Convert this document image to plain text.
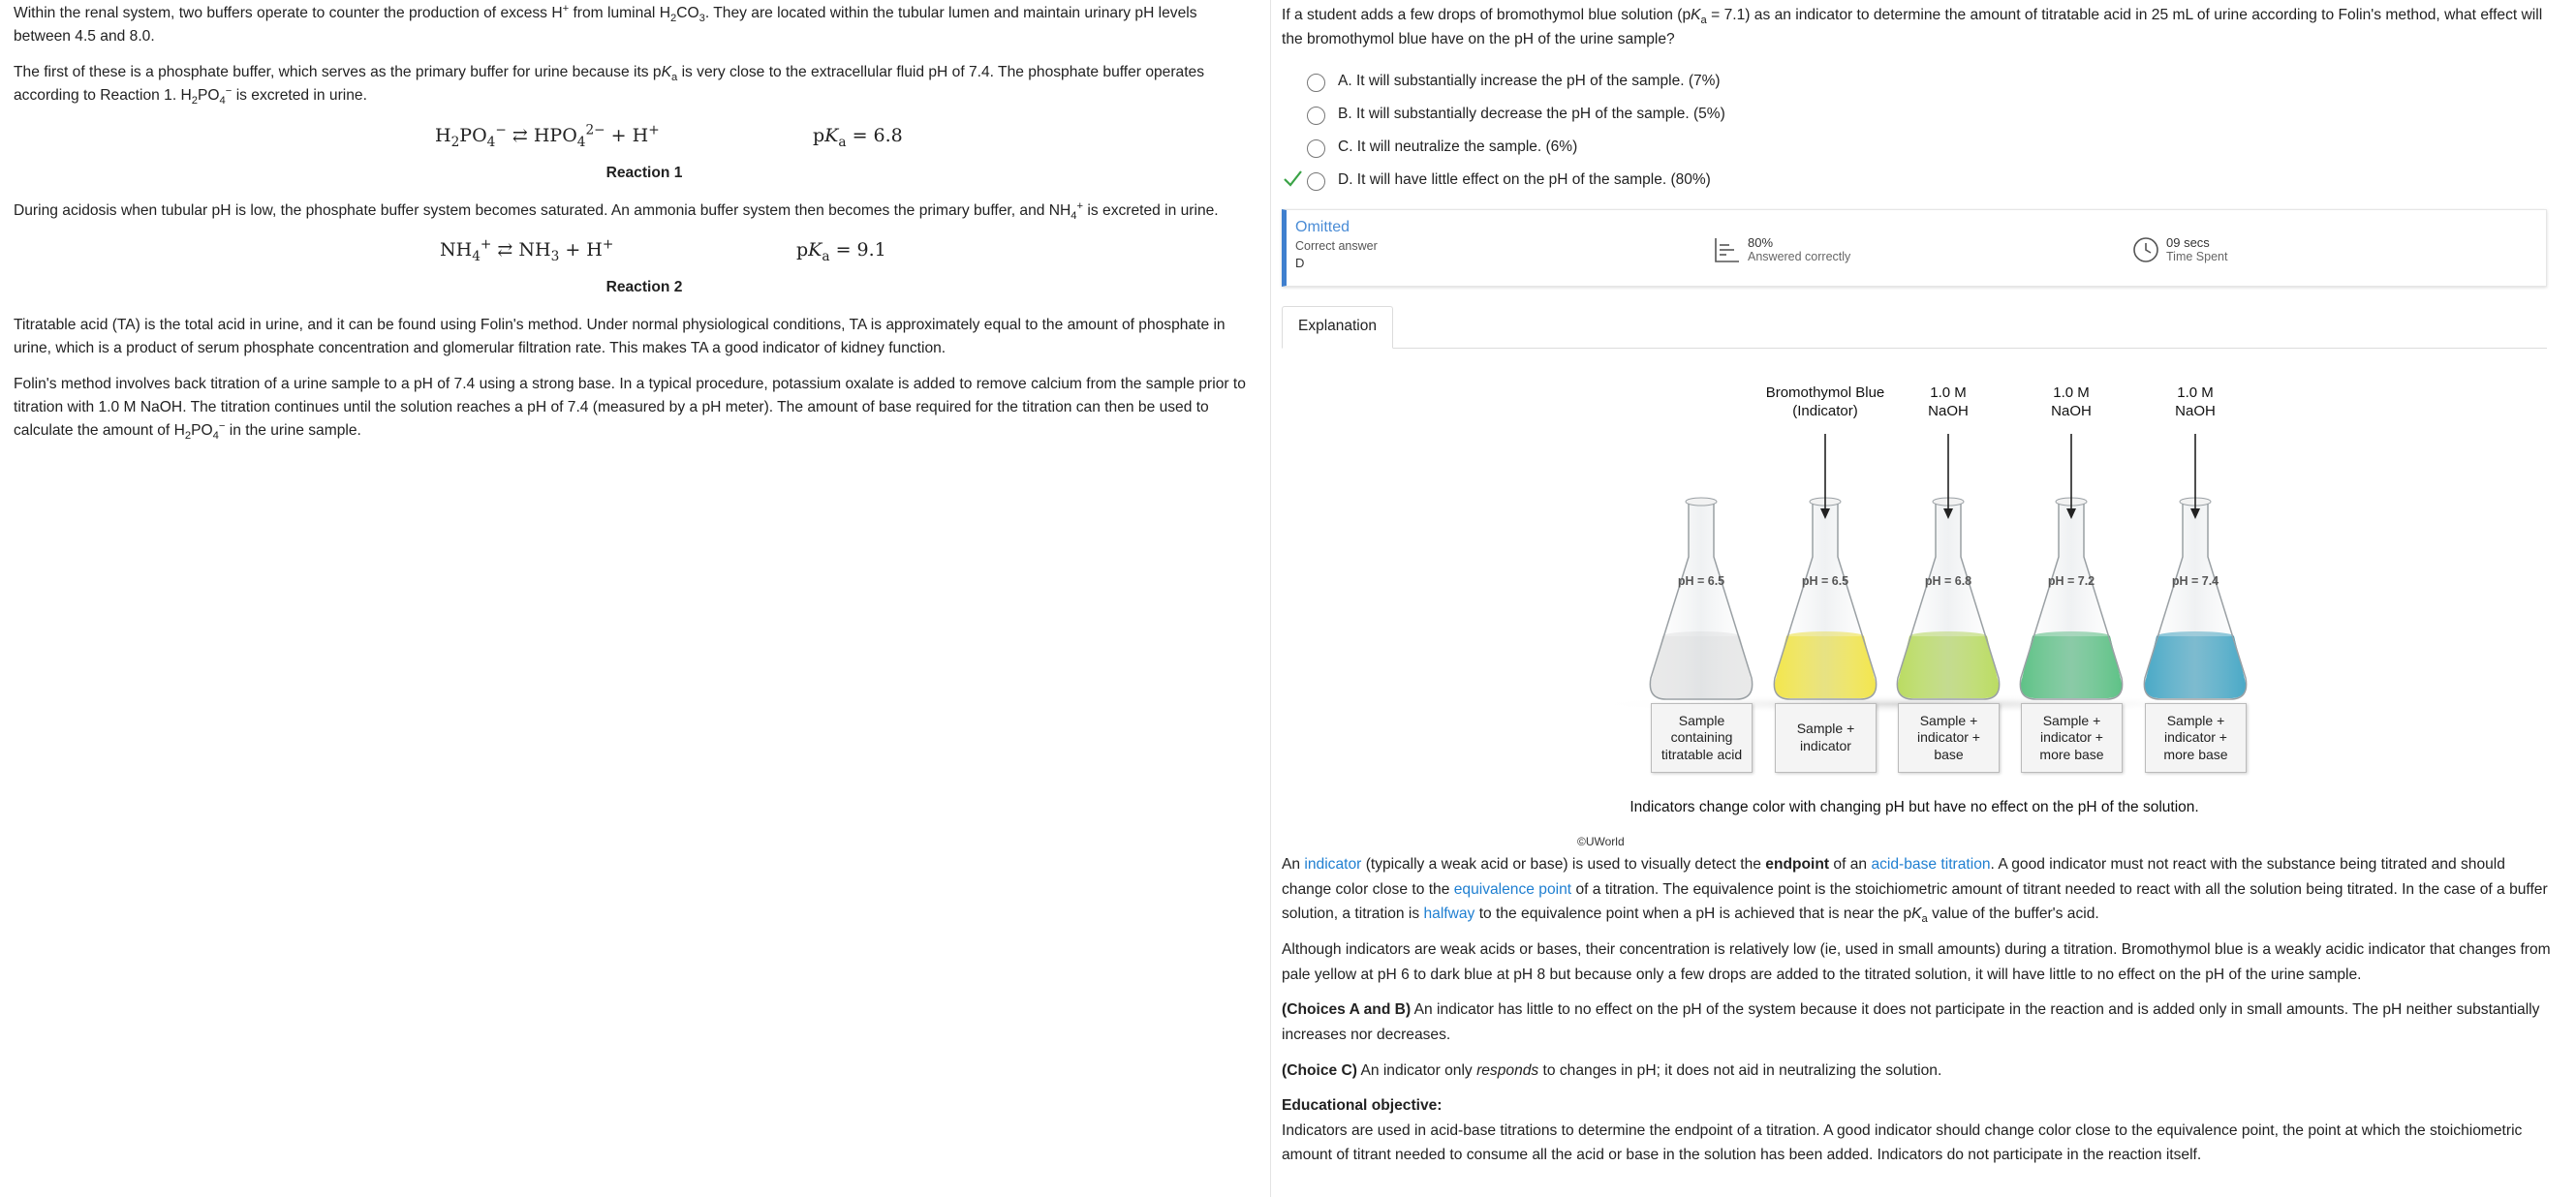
Within the renal system, two buffers operate to counter the production of excess H+ from luminal $H_2CO_3$. They are located within the tubular lumen and maintain urinary pH levels between 4.5 and 8.0.

The first of these is a phosphate buffer, which serves as the primary buffer for urine because its $pK_a$ is very close to the extracellular fluid pH of 7.4. The phosphate buffer operates according to Reaction 1. $H_2PO_4^-$ is excreted in urine.

$H_2PO_4^-$ ⇄ $HPO_4^{2-} + H^+$	$pK_a = 6.8$
Reaction 1

During acidosis when tubular pH is low, the phosphate buffer system becomes saturated. An ammonia buffer system then becomes the primary buffer, and $NH_4^+$ is excreted in urine.

$NH_4^+$ ⇄ $NH_3 + H^+$	$pK_a = 9.1$
Reaction 2

Titratable acid (TA) is the total acid in urine, and it can be found using Folin's method. Under normal physiological conditions, TA is approximately equal to the amount of phosphate in urine, which is a product of serum phosphate concentration and glomerular filtration rate. This makes TA a good indicator of kidney function.

Folin's method involves back titration of a urine sample to a pH of 7.4 using a strong base. In a typical procedure, potassium oxalate is added to remove calcium from the sample prior to titration with 1.0 M NaOH. The titration continues until the solution reaches a pH of 7.4 (measured by a pH meter). The amount of base required for the titration can then be used to calculate the amount of $H_2PO_4^-$ in the urine sample.

If a student adds a few drops of bromothymol blue solution $(pK_a = 7.1)$ as an indicator to determine the amount of titratable acid in 25 mL of urine according to Folin's method, what effect will the bromothymol blue have on the pH of the urine sample?

A. It will substantially increase the pH of the sample. (7%)
B. It will substantially decrease the pH of the sample. (5%)
C. It will neutralize the sample. (6%)
D. It will have little effect on the pH of the sample. (80%)
Omitted
Correct answer
D
80%
Answered correctly
09 secs
Time Spent
Explanation
pH = 6.5
Sample containing titratable acid
pH = 6.5
Sample + indicator
Bromothymol Blue
(Indicator)
pH = 6.8
Sample + indicator + base
1.0 M
NaOH
pH = 7.2
Sample + indicator + more base
1.0 M
NaOH
pH = 7.4
Sample + indicator + more base
1.0 M
NaOH
Indicators change color with changing pH but have no effect on the pH of the solution.
©UWorld

An indicator (typically a weak acid or base) is used to visually detect the endpoint of an acid-base titration. A good indicator must not react with the substance being titrated and should change color close to the equivalence point of a titration. The equivalence point is the stoichiometric amount of titrant needed to react with all the solution being titrated. In the case of a buffer solution, a titration is halfway to the equivalence point when a pH is achieved that is near the $pK_a$ value of the buffer's acid.

Although indicators are weak acids or bases, their concentration is relatively low (ie, used in small amounts) during a titration. Bromothymol blue is a weakly acidic indicator that changes from pale yellow at pH 6 to dark blue at pH 8 but because only a few drops are added to the titrated solution, it will have little to no effect on the pH of the urine sample.

(Choices A and B) An indicator has little to no effect on the pH of the system because it does not participate in the reaction and is added only in small amounts. The pH neither substantially increases nor decreases.

(Choice C) An indicator only responds to changes in pH; it does not aid in neutralizing the solution.

Educational objective:

Indicators are used in acid-base titrations to determine the endpoint of a titration. A good indicator should change color close to the equivalence point, the point at which the stoichiometric amount of titrant needed to consume all the acid or base in the solution has been added. Indicators do not participate in the reaction itself.
